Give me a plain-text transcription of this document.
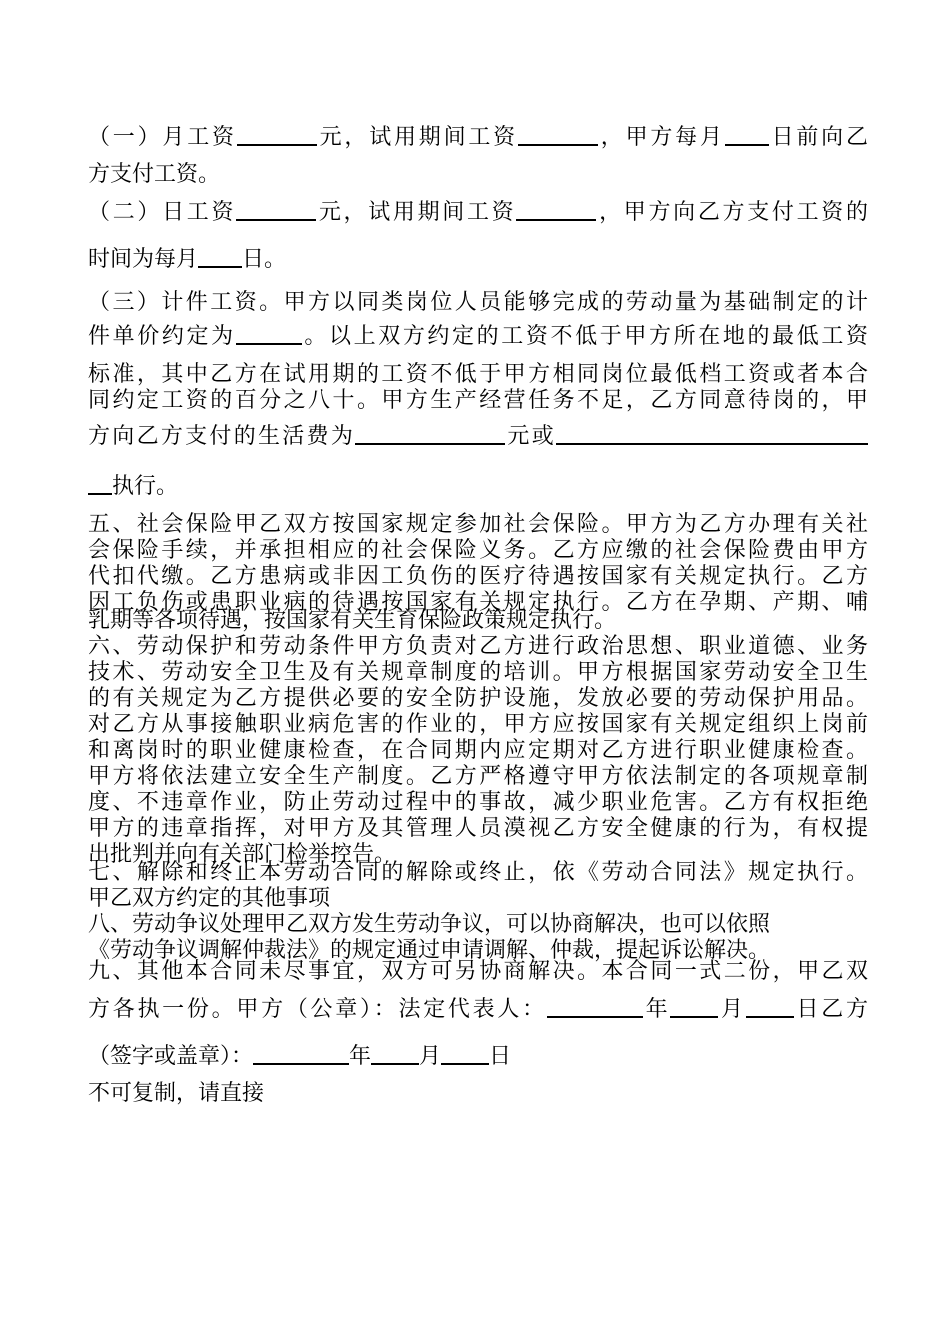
（一）月工资	元，试用期间工资	，甲方每月 日前向乙
方支付工资。
（二）日工资	元，试用期间工资	，甲方向乙方支付工资的
时间为每月 日。
（三）计件工资。甲方以同类岗位人员能够完成的劳动量为基础制定的计
件单价约定为	。以上双方约定的工资不低于甲方所在地的最低工资
标准，其中乙方在试用期的工资不低于甲方相同岗位最低档工资或者本合
同约定工资的百分之八十。甲方生产经营任务不足，乙方同意待岗的，甲
方向乙方支付的生活费为	元或
执行。
五、社会保险甲乙双方按国家规定参加社会保险。甲方为乙方办理有关社
会保险手续，并承担相应的社会保险义务。乙方应缴的社会保险费由甲方
代扣代缴。乙方患病或非因工负伤的医疗待遇按国家有关规定执行。乙方
因工负伤或患职业病的待遇按国家有关规定执行。乙方在孕期、产期、哺
乳期等各项待遇，按国家有关生育保险政策规定执行。
六、劳动保护和劳动条件甲方负责对乙方进行政治思想、职业道德、业务
技术、劳动安全卫生及有关规章制度的培训。甲方根据国家劳动安全卫生
的有关规定为乙方提供必要的安全防护设施，发放必要的劳动保护用品。
对乙方从事接触职业病危害的作业的，甲方应按国家有关规定组织上岗前
和离岗时的职业健康检查，在合同期内应定期对乙方进行职业健康检查。
甲方将依法建立安全生产制度。乙方严格遵守甲方依法制定的各项规章制
度、不违章作业，防止劳动过程中的事故，减少职业危害。乙方有权拒绝
甲方的违章指挥，对甲方及其管理人员漠视乙方安全健康的行为，有权提
出批判并向有关部门检举控告。
七、解除和终止本劳动合同的解除或终止，依《劳动合同法》规定执行。
甲乙双方约定的其他事项
八、劳动争议处理甲乙双方发生劳动争议，可以协商解决，也可以依照
《劳动争议调解仲裁法》的规定通过申请调解、仲裁，提起诉讼解决。
九、其他本合同未尽事宜，双方可另协商解决。本合同一式二份，甲乙双
方各执一份。甲方（公章）：法定代表人：	年 月 日乙方
（签字或盖章）：	年 月 日
不可复制，请直接
